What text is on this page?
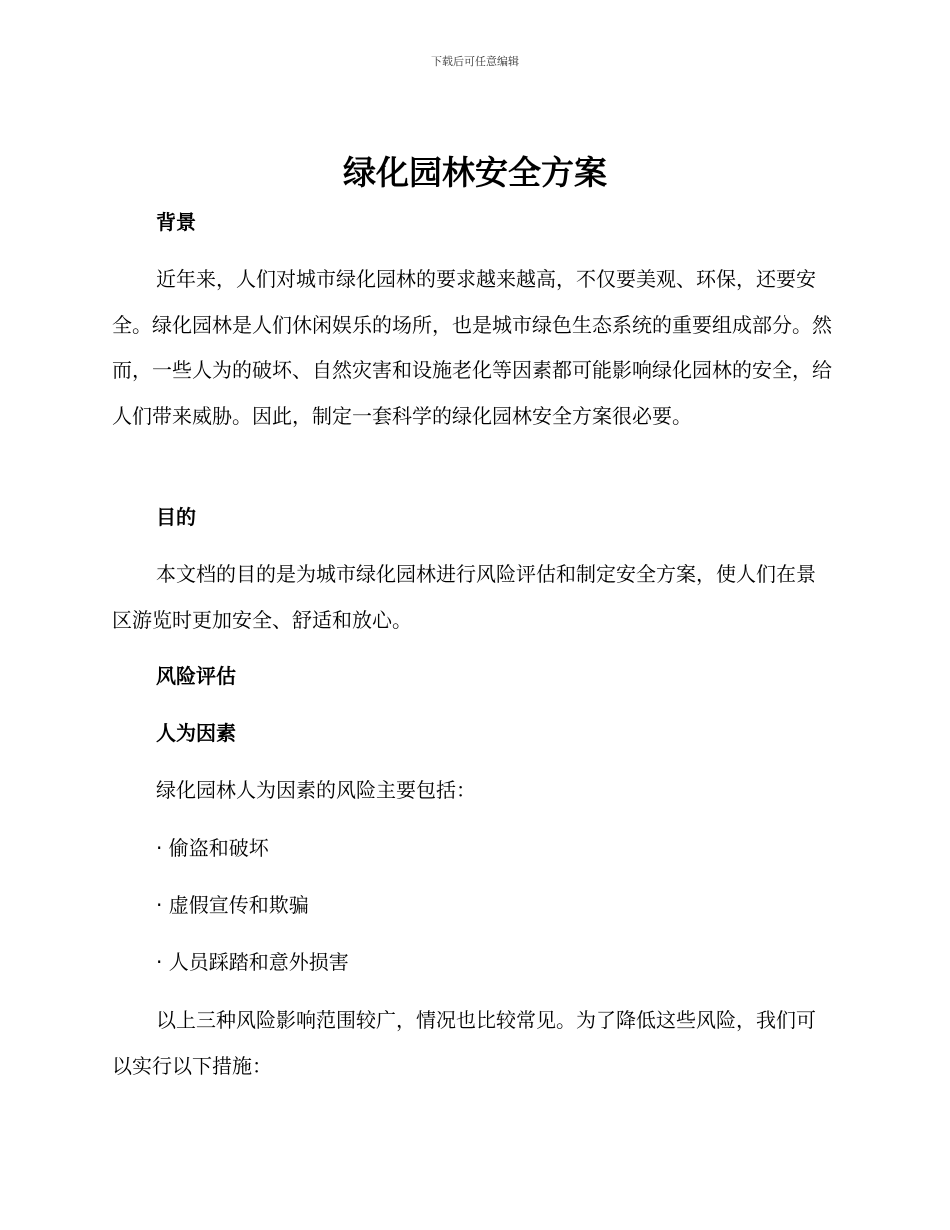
下载后可任意编辑
绿化园林安全方案

背景

近年来，人们对城市绿化园林的要求越来越高，不仅要美观、环保，还要安全。绿化园林是人们休闲娱乐的场所，也是城市绿色生态系统的重要组成部分。然而，一些人为的破坏、自然灾害和设施老化等因素都可能影响绿化园林的安全，给人们带来威胁。因此，制定一套科学的绿化园林安全方案很必要。

目的

本文档的目的是为城市绿化园林进行风险评估和制定安全方案，使人们在景区游览时更加安全、舒适和放心。

风险评估

人为因素

绿化园林人为因素的风险主要包括：

· 偷盗和破坏

· 虚假宣传和欺骗

· 人员踩踏和意外损害

以上三种风险影响范围较广，情况也比较常见。为了降低这些风险，我们可以实行以下措施：
